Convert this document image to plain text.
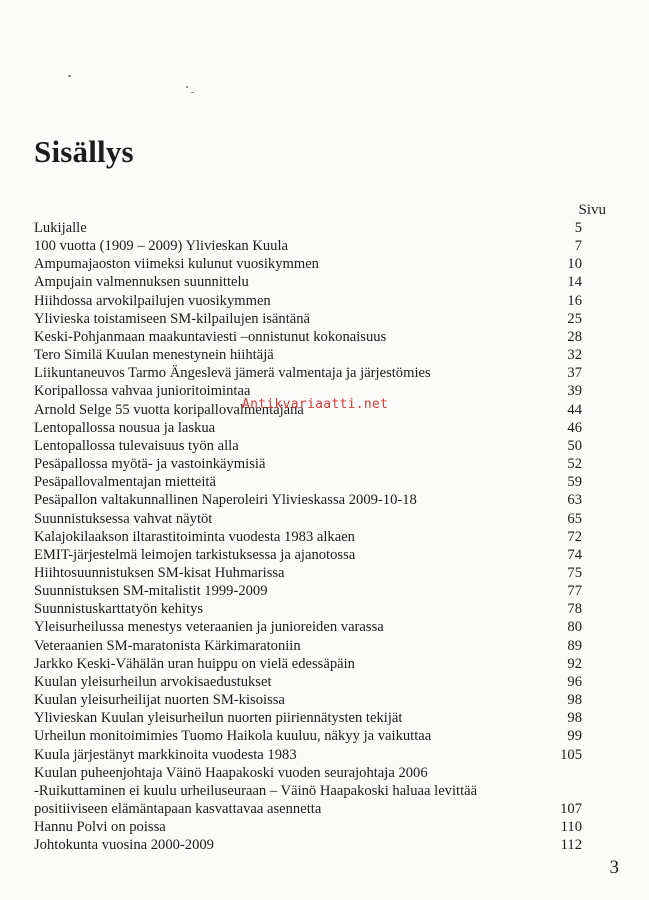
Sisällys
Sivu
Lukijalle	5
100 vuotta (1909 – 2009) Ylivieskan Kuula	7
Ampumajaoston viimeksi kulunut vuosikymmen	10
Ampujain valmennuksen suunnittelu	14
Hiihdossa arvokilpailujen vuosikymmen	16
Ylivieska toistamiseen SM-kilpailujen isäntänä	25
Keski-Pohjanmaan maakuntaviesti –onnistunut kokonaisuus	28
Tero Similä Kuulan menestynein hiihtäjä	32
Liikuntaneuvos Tarmo Ängeslevä jämerä valmentaja ja järjestömies	37
Koripallossa vahvaa junioritoimintaa	39
Arnold Selge 55 vuotta koripallovalmentajana	44
Lentopallossa nousua ja laskua	46
Lentopallossa tulevaisuus työn alla	50
Pesäpallossa myötä- ja vastoinkäymisiä	52
Pesäpallovalmentajan mietteitä	59
Pesäpallon valtakunnallinen Naperoleiri Ylivieskassa 2009-10-18	63
Suunnistuksessa vahvat näytöt	65
Kalajokilaakson iltarastitoiminta vuodesta 1983 alkaen	72
EMIT-järjestelmä leimojen tarkistuksessa ja ajanotossa	74
Hiihtosuunnistuksen SM-kisat Huhmarissa	75
Suunnistuksen SM-mitalistit 1999-2009	77
Suunnistuskarttatyön kehitys	78
Yleisurheilussa menestys veteraanien ja junioreiden varassa	80
Veteraanien SM-maratonista Kärkimaratoniin	89
Jarkko Keski-Vähälän uran huippu on vielä edessäpäin	92
Kuulan yleisurheilun arvokisaedustukset	96
Kuulan yleisurheilijat nuorten SM-kisoissa	98
Ylivieskan Kuulan yleisurheilun nuorten piiriennätysten tekijät	98
Urheilun monitoimimies Tuomo Haikola kuuluu, näkyy ja vaikuttaa	99
Kuula järjestänyt markkinoita vuodesta 1983	105
Kuulan puheenjohtaja Väinö Haapakoski vuoden seurajohtaja 2006
-Ruikuttaminen ei kuulu urheiluseuraan – Väinö Haapakoski haluaa levittää
positiiviseen elämäntapaan kasvattavaa asennetta	107
Hannu Polvi on poissa	110
Johtokunta vuosina 2000-2009	112
Antikvariaatti.net
3
